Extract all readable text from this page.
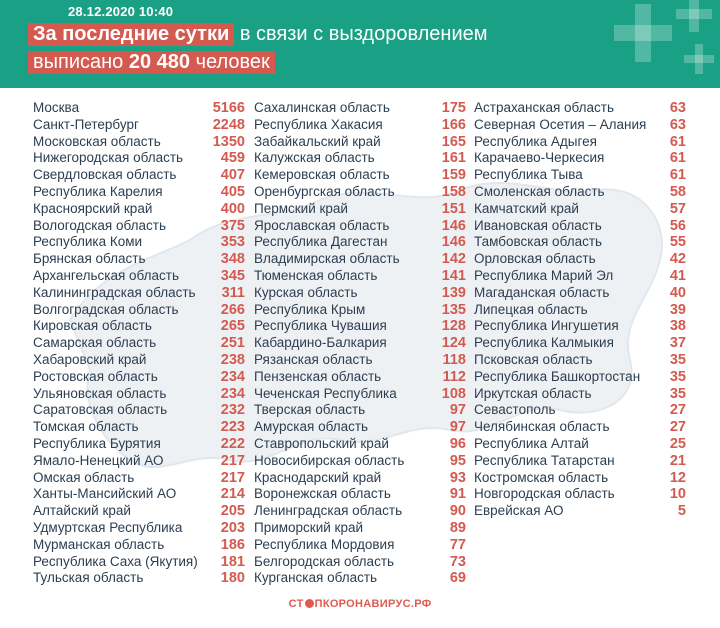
28.12.2020 10:40
За последние сутки в связи с выздоровлением
выписано 20 480 человек
Москва	5166
Санкт-Петербург	2248
Московская область	1350
Нижегородская область	459
Свердловская область	407
Республика Карелия	405
Красноярский край	400
Вологодская область	375
Республика Коми	353
Брянская область	348
Архангельская область	345
Калининградская область 311
Волгоградская область	266
Кировская область	265
Самарская область	251
Хабаровский край	238
Ростовская область	234
Ульяновская область	234
Саратовская область	232
Томская область	223
Республика Бурятия	222
Ямало-Ненецкий АО	217
Омская область	217
Ханты-Мансийский АО	214
Алтайский край	205
Удмуртская Республика	203
Мурманская область	186
Республика Саха (Якутия) 181
Тульская область	180
Сахалинская область	175
Республика Хакасия	166
Забайкальский край	165
Калужская область	161
Кемеровская область	159
Оренбургская область	158
Пермский край	151
Ярославская область	146
Республика Дагестан	146
Владимирская область	142
Тюменская область	141
Курская область	139
Республика Крым	135
Республика Чувашия	128
Кабардино-Балкария	124
Рязанская область	118
Пензенская область	112
Чеченская Республика	108
Тверская область	97
Амурская область	97
Ставропольский край	96
Новосибирская область	95
Краснодарский край	93
Воронежская область	91
Ленинградская область	90
Приморский край	89
Республика Мордовия	77
Белгородская область	73
Курганская область	69
Астраханская область	63
Северная Осетия – Алания 63
Республика Адыгея	61
Карачаево-Черкесия	61
Республика Тыва	61
Смоленская область	58
Камчатский край	57
Ивановская область	56
Тамбовская область	55
Орловская область	42
Республика Марий Эл	41
Магаданская область	40
Липецкая область	39
Республика Ингушетия	38
Республика Калмыкия	37
Псковская область	35
Республика Башкортостан 35
Иркутская область	35
Севастополь	27
Челябинская область	27
Республика Алтай	25
Республика Татарстан	21
Костромская область	12
Новгородская область	10
Еврейская АО	5
СТ ПКОРОНАВИРУС.РФ
